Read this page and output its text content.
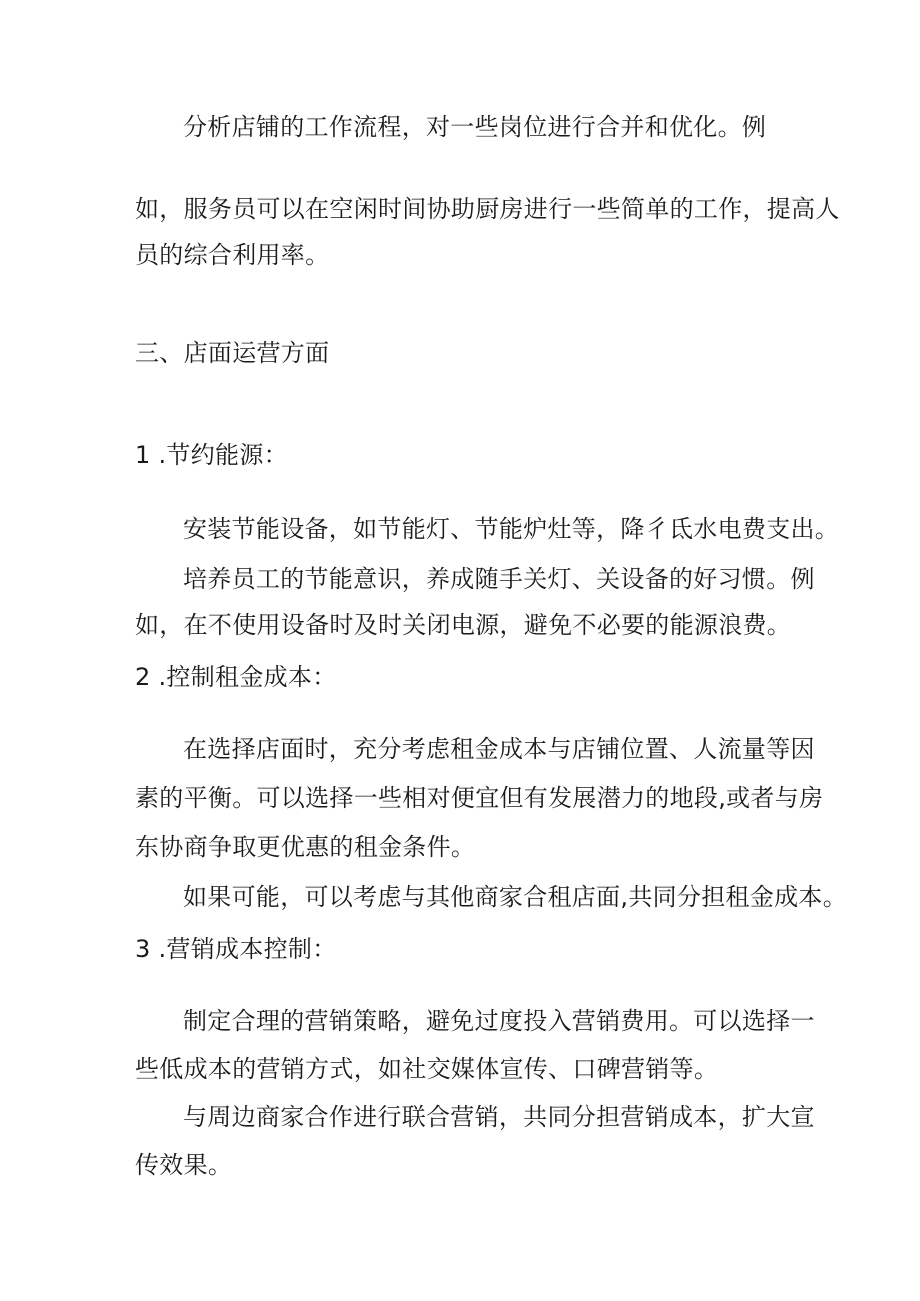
分析店铺的工作流程，对一些岗位进行合并和优化。例

如，服务员可以在空闲时间协助厨房进行一些简单的工作，提高人

员的综合利用率。

三、店面运营方面

1 .节约能源：

安装节能设备，如节能灯、节能炉灶等，降彳氐水电费支出。

培养员工的节能意识，养成随手关灯、关设备的好习惯。例

如，在不使用设备时及时关闭电源，避免不必要的能源浪费。

2 .控制租金成本：

在选择店面时，充分考虑租金成本与店铺位置、人流量等因

素的平衡。可以选择一些相对便宜但有发展潜力的地段,或者与房

东协商争取更优惠的租金条件。

如果可能，可以考虑与其他商家合租店面,共同分担租金成本。

3 .营销成本控制：

制定合理的营销策略，避免过度投入营销费用。可以选择一

些低成本的营销方式，如社交媒体宣传、口碑营销等。

与周边商家合作进行联合营销，共同分担营销成本，扩大宣

传效果。
